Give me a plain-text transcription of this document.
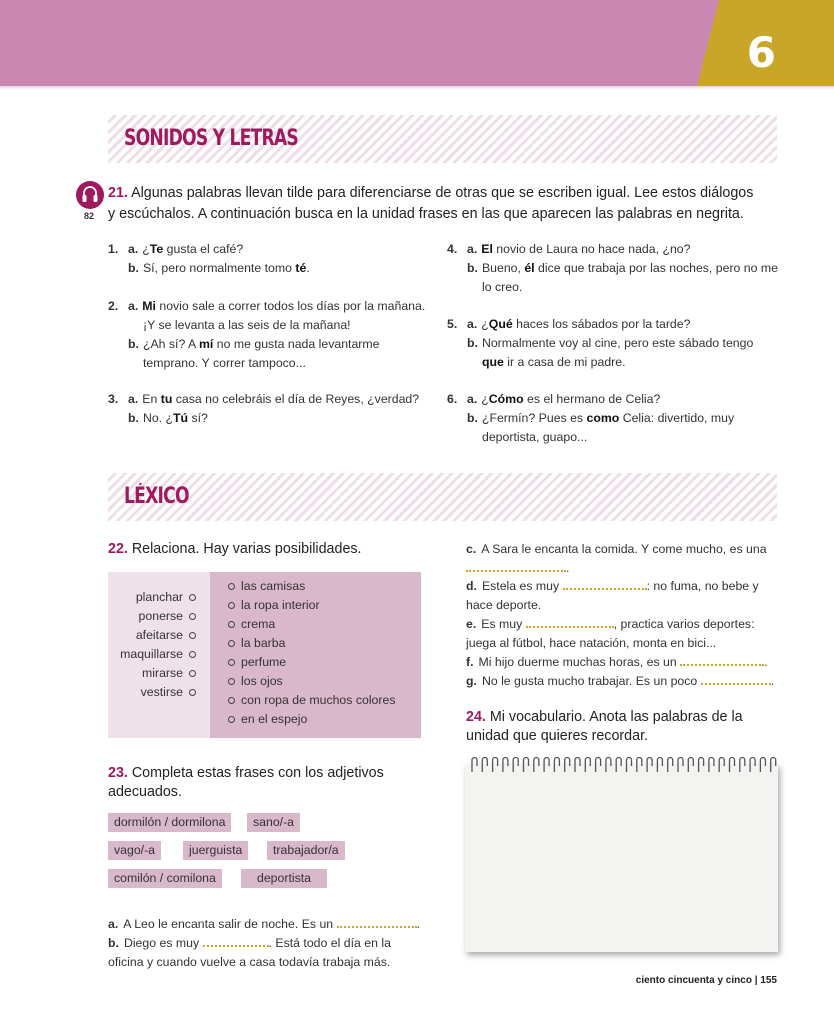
6
SONIDOS Y LETRAS
82
21. Algunas palabras llevan tilde para diferenciarse de otras que se escriben igual. Lee estos diálogos
y escúchalos. A continuación busca en la unidad frases en las que aparecen las palabras en negrita.
1. a. ¿Te gusta el café?
b. Sí, pero normalmente tomo té.
2. a. Mi novio sale a correr todos los días por la mañana.
¡Y se levanta a las seis de la mañana!
b. ¿Ah sí? A mí no me gusta nada levantarme
temprano. Y correr tampoco...
3. a. En tu casa no celebráis el día de Reyes, ¿verdad?
b. No. ¿Tú sí?
4. a. El novio de Laura no hace nada, ¿no?
b. Bueno, él dice que trabaja por las noches, pero no me
lo creo.
5. a. ¿Qué haces los sábados por la tarde?
b. Normalmente voy al cine, pero este sábado tengo
que ir a casa de mi padre.
6. a. ¿Cómo es el hermano de Celia?
b. ¿Fermín? Pues es como Celia: divertido, muy
deportista, guapo...
LÉXICO
22. Relaciona. Hay varias posibilidades.
planchar
ponerse
afeitarse
maquillarse
mirarse
vestirse
las camisas
la ropa interior
crema
la barba
perfume
los ojos
con ropa de muchos colores
en el espejo
23. Completa estas frases con los adjetivos
adecuados.
dormilón / dormilona	sano/-a
vago/-a	juerguista	trabajador/a
comilón / comilona	deportista
a. A Leo le encanta salir de noche. Es un	.
b. Diego es muy	. Está todo el día en la
oficina y cuando vuelve a casa todavía trabaja más.
c. A Sara le encanta la comida. Y come mucho, es una
.
d. Estela es muy	: no fuma, no bebe y
hace deporte.
e. Es muy	, practica varios deportes:
juega al fútbol, hace natación, monta en bici...
f. Mi hijo duerme muchas horas, es un	.
g. No le gusta mucho trabajar. Es un poco	.
24. Mi vocabulario. Anota las palabras de la
unidad que quieres recordar.
ciento cincuenta y cinco | 155
